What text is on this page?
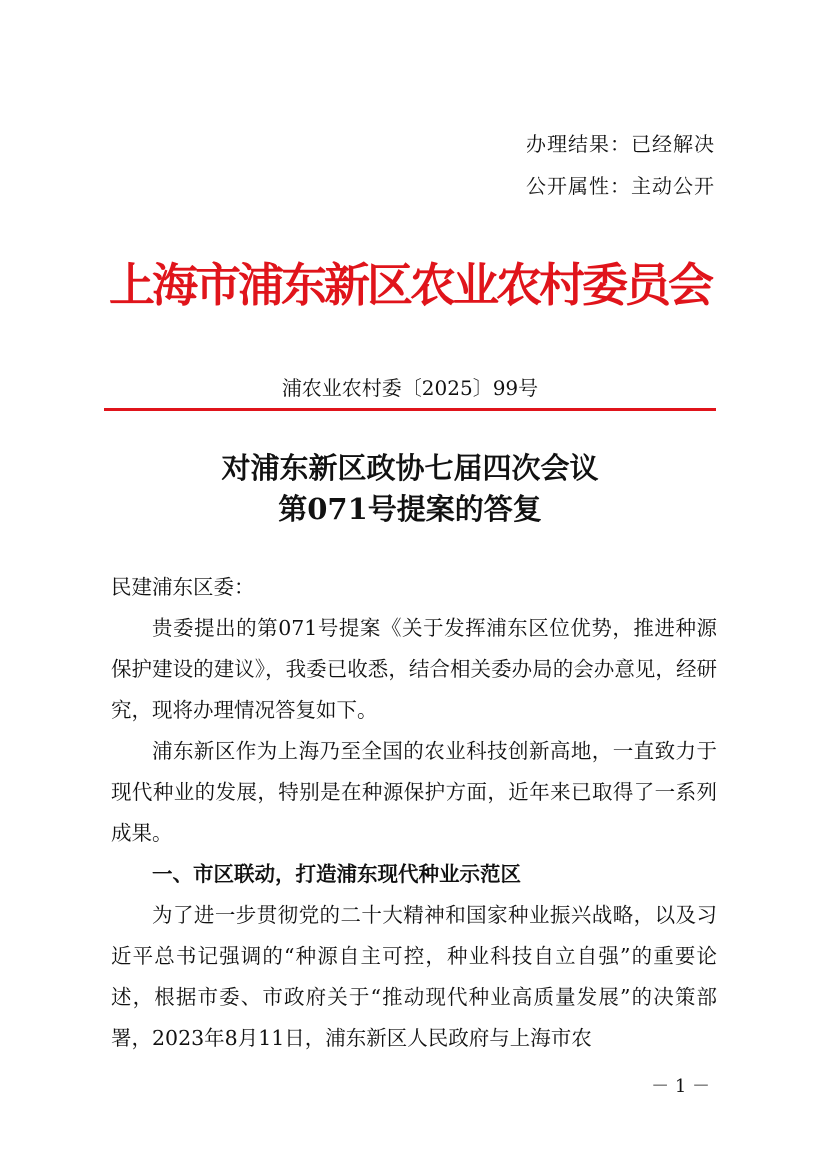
办理结果：已经解决
公开属性：主动公开
上海市浦东新区农业农村委员会
浦农业农村委〔2025〕99号
对浦东新区政协七届四次会议
第071号提案的答复

民建浦东区委：

贵委提出的第071号提案《关于发挥浦东区位优势，推进种源保护建设的建议》，我委已收悉，结合相关委办局的会办意见，经研究，现将办理情况答复如下。

浦东新区作为上海乃至全国的农业科技创新高地，一直致力于现代种业的发展，特别是在种源保护方面，近年来已取得了一系列成果。

一、市区联动，打造浦东现代种业示范区

为了进一步贯彻党的二十大精神和国家种业振兴战略，以及习近平总书记强调的“种源自主可控，种业科技自立自强”的重要论述，根据市委、市政府关于“推动现代种业高质量发展”的决策部署，2023年8月11日，浦东新区人民政府与上海市农

－ 1 －
